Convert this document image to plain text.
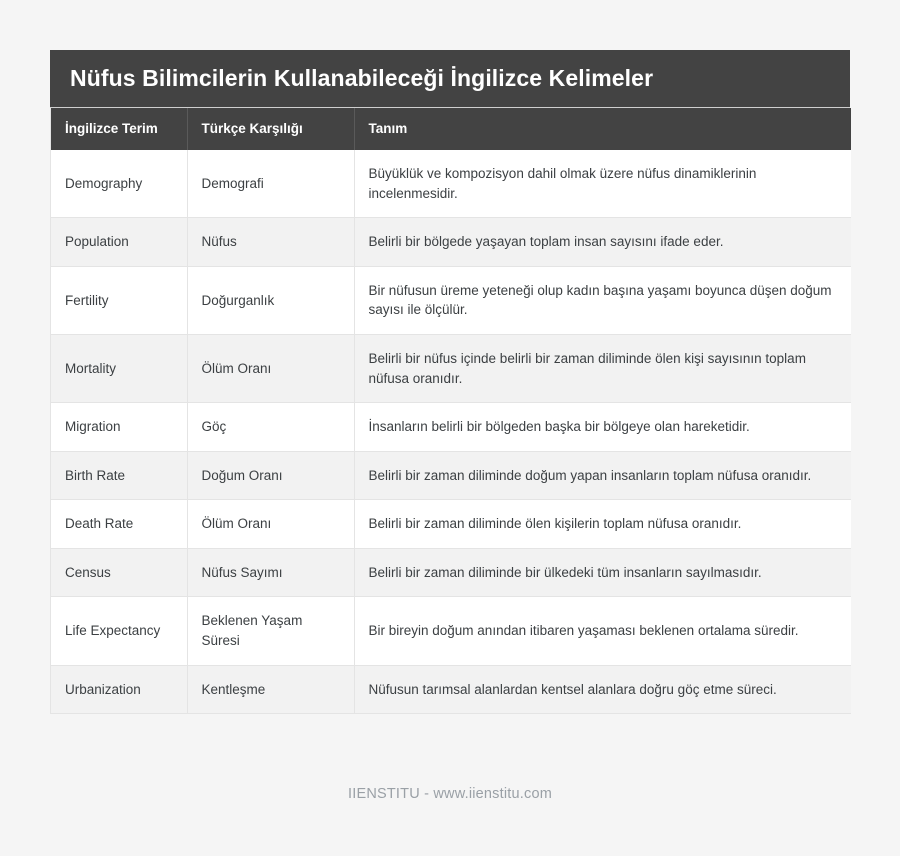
Nüfus Bilimcilerin Kullanabileceği İngilizce Kelimeler
İngilizce Terim	Türkçe Karşılığı	Tanım
Demography	Demografi	Büyüklük ve kompozisyon dahil olmak üzere nüfus dinamiklerinin incelenmesidir.
Population	Nüfus	Belirli bir bölgede yaşayan toplam insan sayısını ifade eder.
Fertility	Doğurganlık	Bir nüfusun üreme yeteneği olup kadın başına yaşamı boyunca düşen doğum sayısı ile ölçülür.
Mortality	Ölüm Oranı	Belirli bir nüfus içinde belirli bir zaman diliminde ölen kişi sayısının toplam nüfusa oranıdır.
Migration	Göç	İnsanların belirli bir bölgeden başka bir bölgeye olan hareketidir.
Birth Rate	Doğum Oranı	Belirli bir zaman diliminde doğum yapan insanların toplam nüfusa oranıdır.
Death Rate	Ölüm Oranı	Belirli bir zaman diliminde ölen kişilerin toplam nüfusa oranıdır.
Census	Nüfus Sayımı	Belirli bir zaman diliminde bir ülkedeki tüm insanların sayılmasıdır.
Life Expectancy	Beklenen Yaşam Süresi	Bir bireyin doğum anından itibaren yaşaması beklenen ortalama süredir.
Urbanization	Kentleşme	Nüfusun tarımsal alanlardan kentsel alanlara doğru göç etme süreci.
IIENSTITU - www.iienstitu.com
